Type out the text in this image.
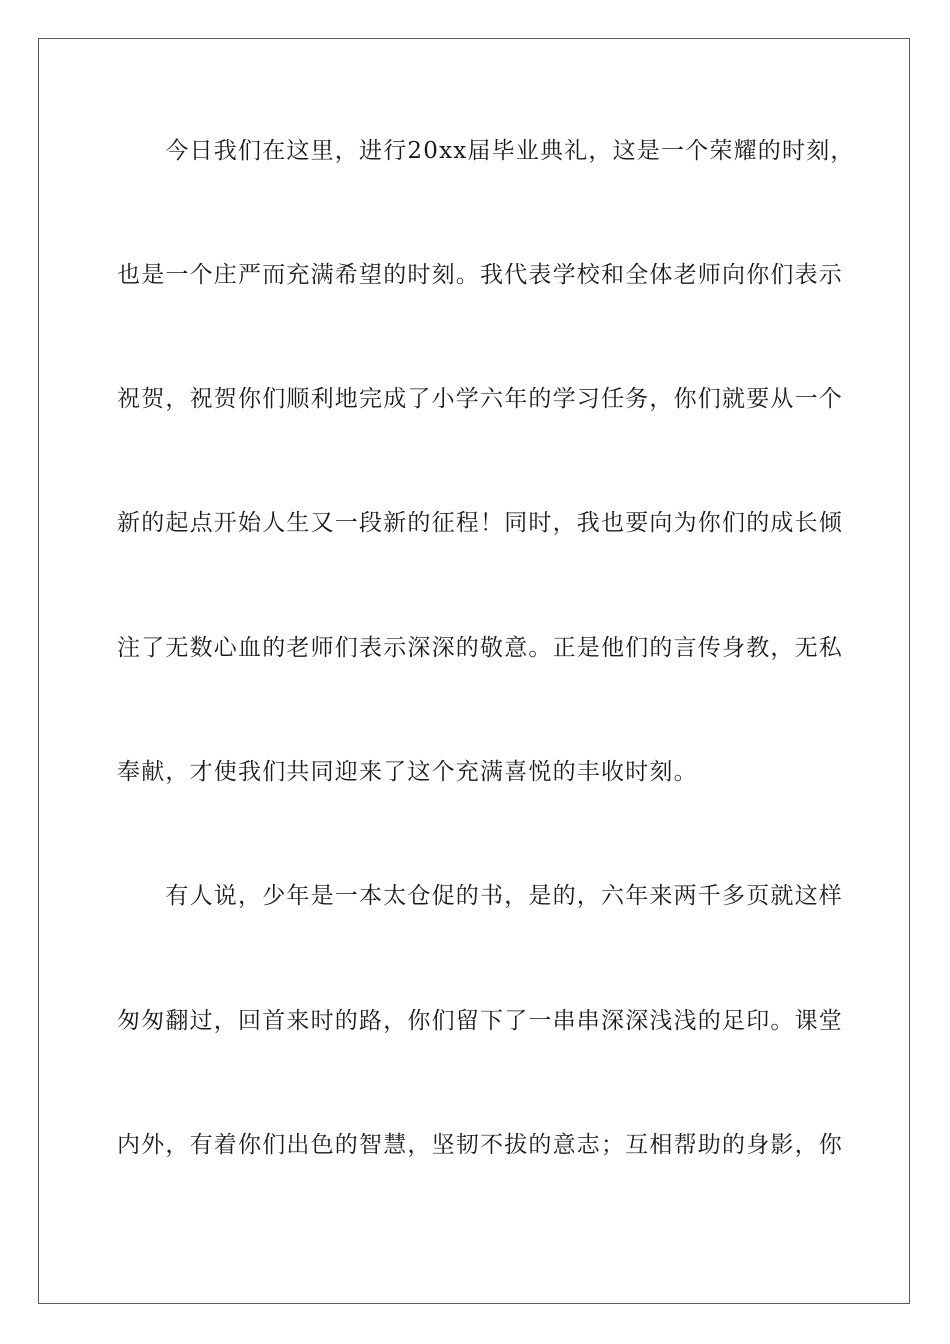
　　今日我们在这里，进行20xx届毕业典礼，这是一个荣耀的时刻，
也是一个庄严而充满希望的时刻。我代表学校和全体老师向你们表示
祝贺，祝贺你们顺利地完成了小学六年的学习任务，你们就要从一个
新的起点开始人生又一段新的征程！同时，我也要向为你们的成长倾
注了无数心血的老师们表示深深的敬意。正是他们的言传身教，无私
奉献，才使我们共同迎来了这个充满喜悦的丰收时刻。
　　有人说，少年是一本太仓促的书，是的，六年来两千多页就这样
匆匆翻过，回首来时的路，你们留下了一串串深深浅浅的足印。课堂
内外，有着你们出色的智慧，坚韧不拔的意志；互相帮助的身影，你
